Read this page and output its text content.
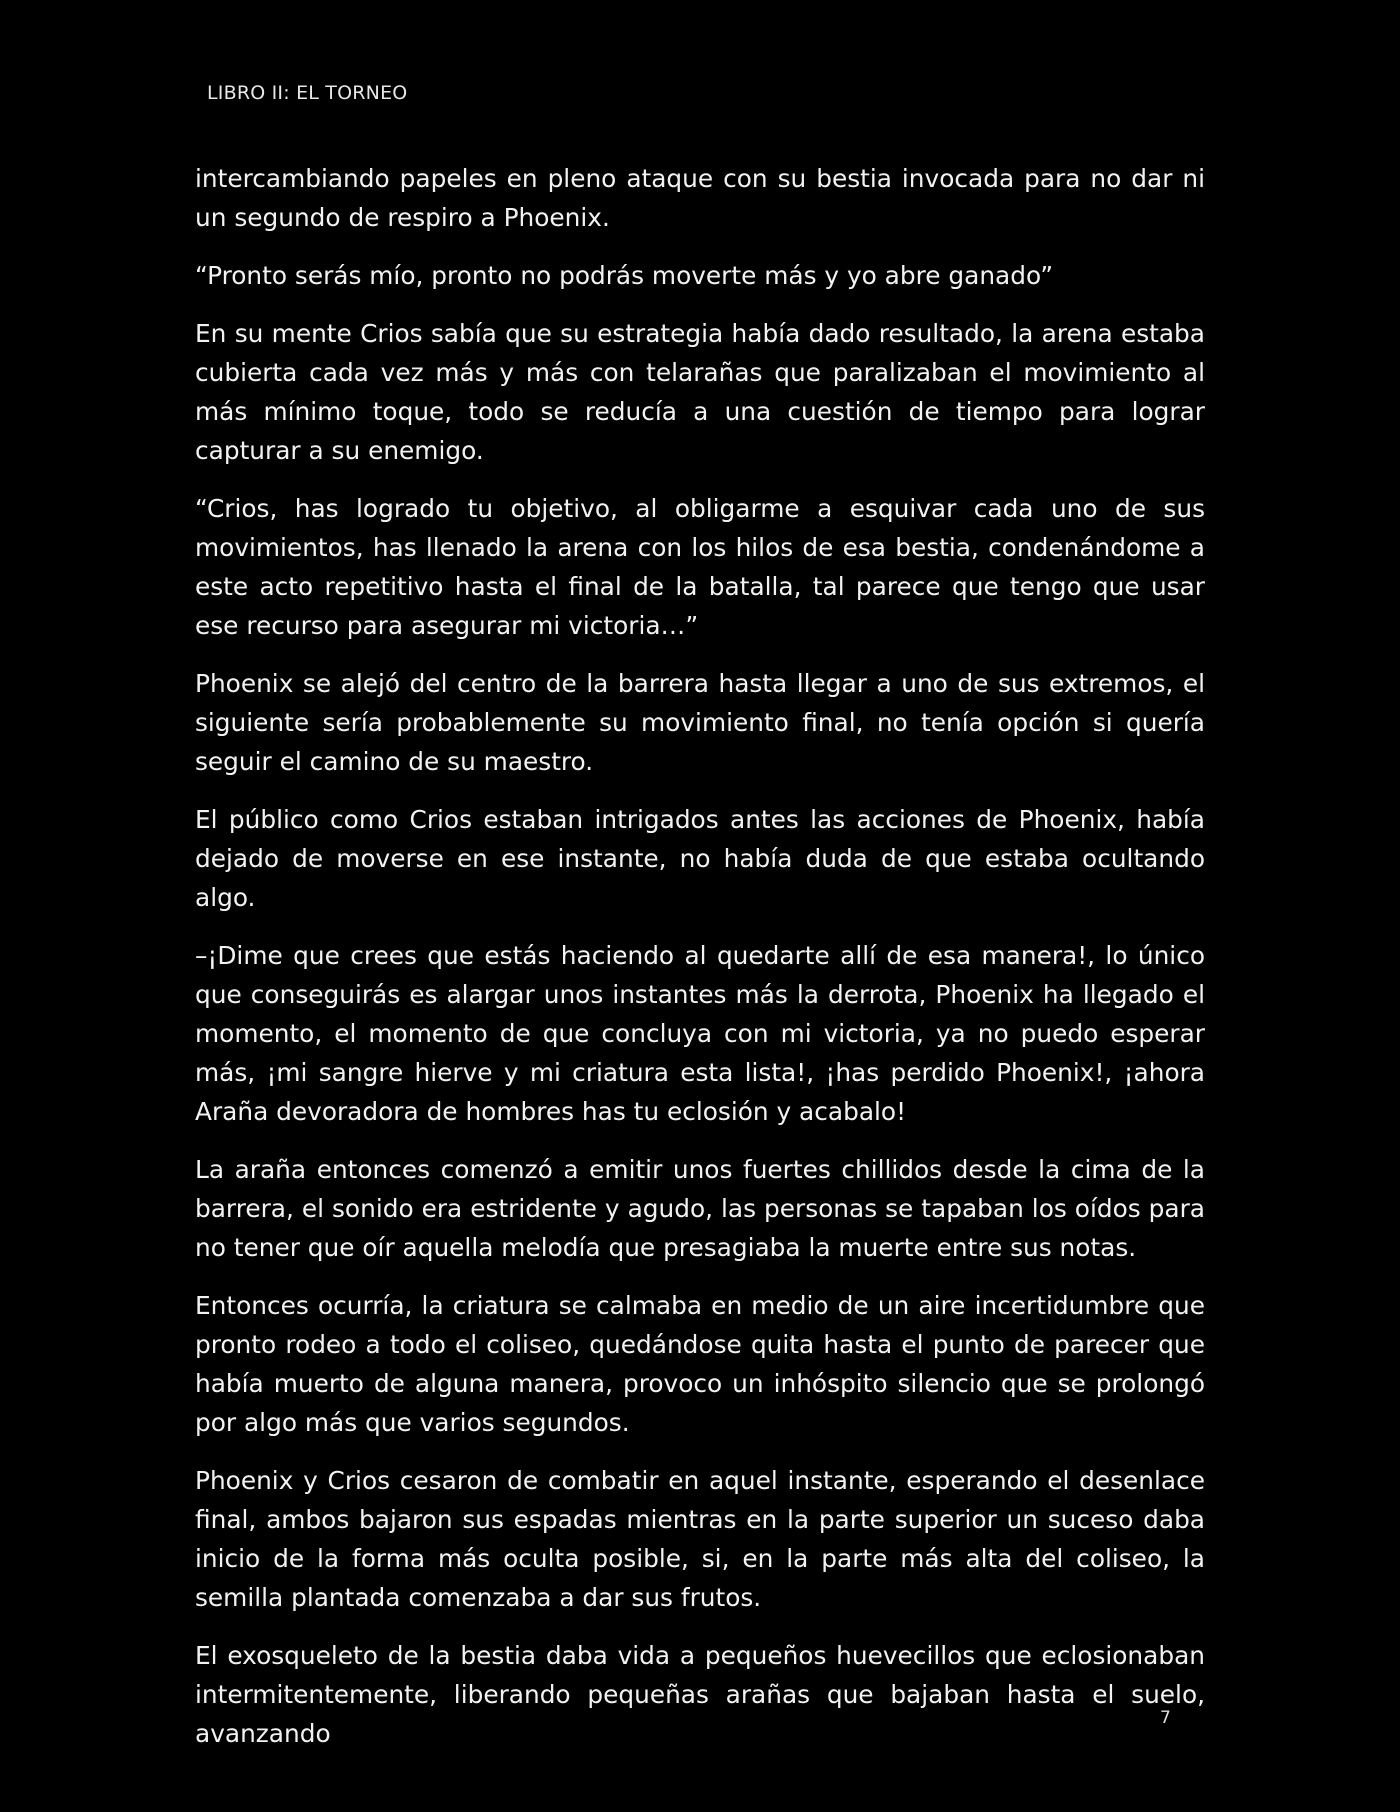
LIBRO II: EL TORNEO

intercambiando papeles en pleno ataque con su bestia invocada para no dar ni un segundo de respiro a Phoenix.

“Pronto serás mío, pronto no podrás moverte más y yo abre ganado”

En su mente Crios sabía que su estrategia había dado resultado, la arena estaba cubierta cada vez más y más con telarañas que paralizaban el movimiento al más mínimo toque, todo se reducía a una cuestión de tiempo para lograr capturar a su enemigo.

“Crios, has logrado tu objetivo, al obligarme a esquivar cada uno de sus movimientos, has llenado la arena con los hilos de esa bestia, condenándome a este acto repetitivo hasta el final de la batalla, tal parece que tengo que usar ese recurso para asegurar mi victoria…”

Phoenix se alejó del centro de la barrera hasta llegar a uno de sus extremos, el siguiente sería probablemente su movimiento final, no tenía opción si quería seguir el camino de su maestro.

El público como Crios estaban intrigados antes las acciones de Phoenix, había dejado de moverse en ese instante, no había duda de que estaba ocultando algo.

–¡Dime que crees que estás haciendo al quedarte allí de esa manera!, lo único que conseguirás es alargar unos instantes más la derrota, Phoenix ha llegado el momento, el momento de que concluya con mi victoria, ya no puedo esperar más, ¡mi sangre hierve y mi criatura esta lista!, ¡has perdido Phoenix!, ¡ahora Araña devoradora de hombres has tu eclosión y acabalo!

La araña entonces comenzó a emitir unos fuertes chillidos desde la cima de la barrera, el sonido era estridente y agudo, las personas se tapaban los oídos para no tener que oír aquella melodía que presagiaba la muerte entre sus notas.

Entonces ocurría, la criatura se calmaba en medio de un aire incertidumbre que pronto rodeo a todo el coliseo, quedándose quita hasta el punto de parecer que había muerto de alguna manera, provoco un inhóspito silencio que se prolongó por algo más que varios segundos.

Phoenix y Crios cesaron de combatir en aquel instante, esperando el desenlace final, ambos bajaron sus espadas mientras en la parte superior un suceso daba inicio de la forma más oculta posible, si, en la parte más alta del coliseo, la semilla plantada comenzaba a dar sus frutos.

El exosqueleto de la bestia daba vida a pequeños huevecillos que eclosionaban intermitentemente, liberando pequeñas arañas que bajaban hasta el suelo, avanzando

7
